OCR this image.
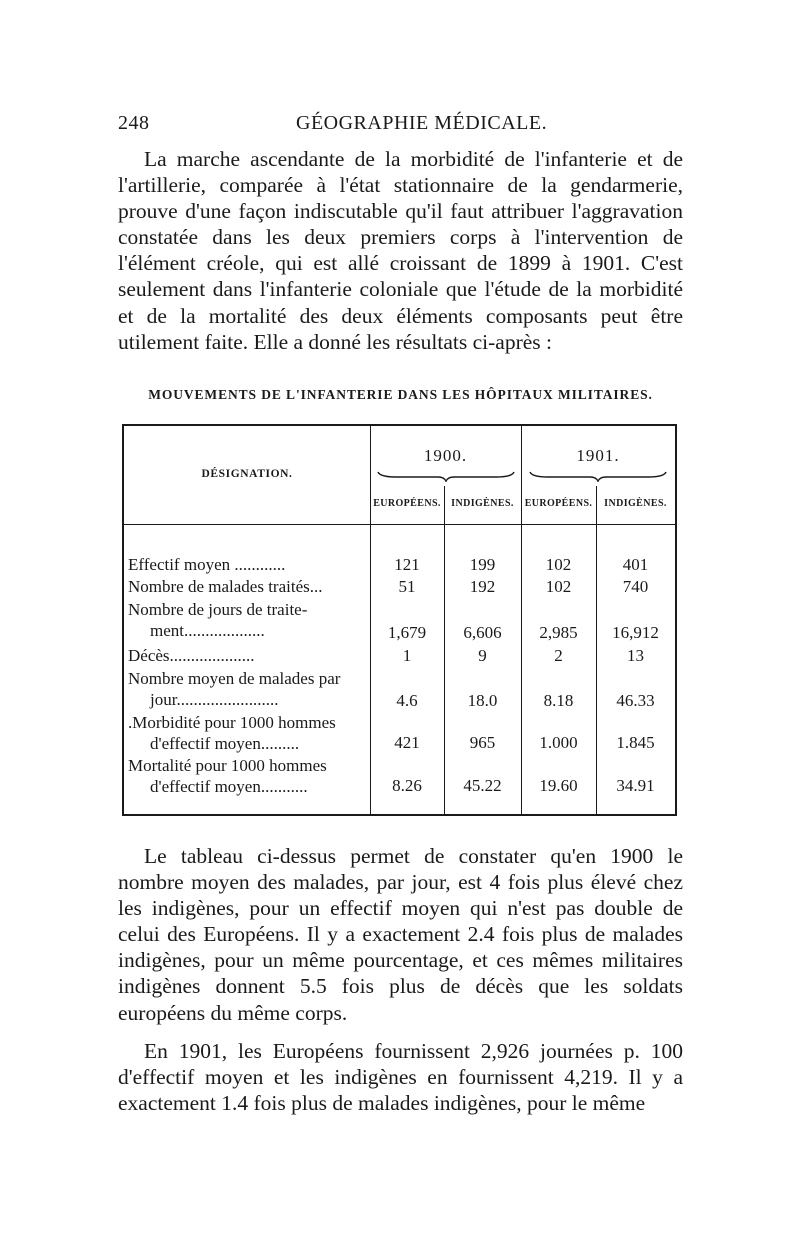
248	GÉOGRAPHIE MÉDICALE.

La marche ascendante de la morbidité de l'infanterie et de l'artillerie, comparée à l'état stationnaire de la gendarmerie, prouve d'une façon indiscutable qu'il faut attribuer l'aggravation constatée dans les deux premiers corps à l'intervention de l'élément créole, qui est allé croissant de 1899 à 1901. C'est seulement dans l'infanterie coloniale que l'étude de la morbidité et de la mortalité des deux éléments composants peut être utilement faite. Elle a donné les résultats ci-après :

MOUVEMENTS DE L'INFANTERIE DANS LES HÔPITAUX MILITAIRES.
DÉSIGNATION.
1900.	1901.
EUROPÉENS.	INDIGÈNES.	EUROPÉENS.	INDIGÈNES.
Effectif moyen ............	121	199	102	401
Nombre de malades traités...	51	192	102	740
Nombre de jours de traite-
ment...................	1,679	6,606	2,985	16,912
Décès....................	1	9	2	13
Nombre moyen de malades par
jour........................	4.6	18.0	8.18	46.33
.Morbidité pour 1000 hommes
d'effectif moyen.........	421	965	1.000	1.845
Mortalité pour 1000 hommes
d'effectif moyen...........	8.26	45.22	19.60	34.91

Le tableau ci-dessus permet de constater qu'en 1900 le nombre moyen des malades, par jour, est 4 fois plus élevé chez les indigènes, pour un effectif moyen qui n'est pas double de celui des Européens. Il y a exactement 2.4 fois plus de malades indigènes, pour un même pourcentage, et ces mêmes militaires indigènes donnent 5.5 fois plus de décès que les soldats européens du même corps.

En 1901, les Européens fournissent 2,926 journées p. 100 d'effectif moyen et les indigènes en fournissent 4,219. Il y a exactement 1.4 fois plus de malades indigènes, pour le même
